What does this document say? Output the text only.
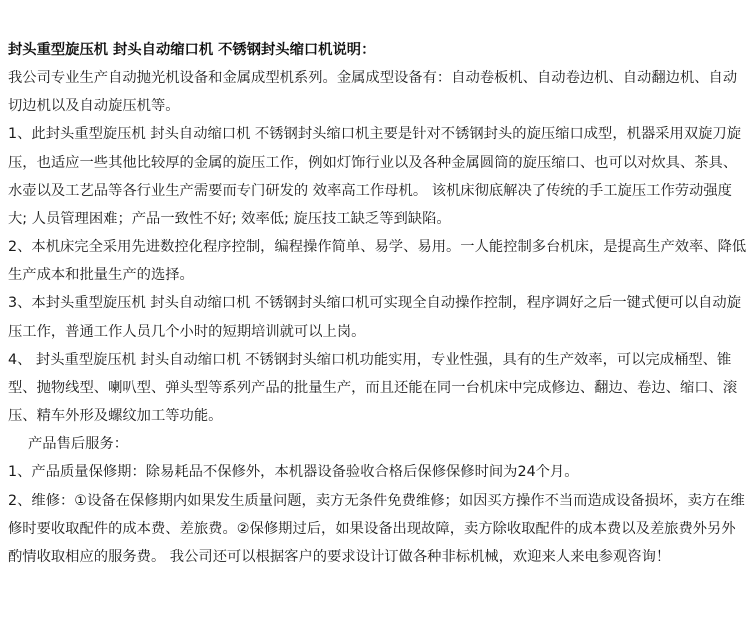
封头重型旋压机 封头自动缩口机 不锈钢封头缩口机说明：

我公司专业生产自动抛光机设备和金属成型机系列。金属成型设备有：自动卷板机、自动卷边机、自动翻边机、自动切边机以及自动旋压机等。

1、此封头重型旋压机 封头自动缩口机 不锈钢封头缩口机主要是针对不锈钢封头的旋压缩口成型，机器采用双旋刀旋压，也适应一些其他比较厚的金属的旋压工作，例如灯饰行业以及各种金属圆筒的旋压缩口、也可以对炊具、茶具、水壶以及工艺品等各行业生产需要而专门研发的 效率高工作母机。 该机床彻底解决了传统的手工旋压工作劳动强度大; 人员管理困难；产品一致性不好; 效率低; 旋压技工缺乏等到缺陷。

2、本机床完全采用先进数控化程序控制，编程操作简单、易学、易用。一人能控制多台机床，是提高生产效率、降低生产成本和批量生产的选择。

3、本封头重型旋压机 封头自动缩口机 不锈钢封头缩口机可实现全自动操作控制，程序调好之后一键式便可以自动旋压工作，普通工作人员几个小时的短期培训就可以上岗。

4、 封头重型旋压机 封头自动缩口机 不锈钢封头缩口机功能实用，专业性强，具有的生产效率，可以完成桶型、锥型、抛物线型、喇叭型、弹头型等系列产品的批量生产，而且还能在同一台机床中完成修边、翻边、卷边、缩口、滚压、精车外形及螺纹加工等功能。

产品售后服务：

1、产品质量保修期：除易耗品不保修外，本机器设备验收合格后保修保修时间为24个月。

2、维修：①设备在保修期内如果发生质量问题，卖方无条件免费维修；如因买方操作不当而造成设备损坏，卖方在维修时要收取配件的成本费、差旅费。②保修期过后，如果设备出现故障，卖方除收取配件的成本费以及差旅费外另外酌情收取相应的服务费。 我公司还可以根据客户的要求设计订做各种非标机械，欢迎来人来电参观咨询！
